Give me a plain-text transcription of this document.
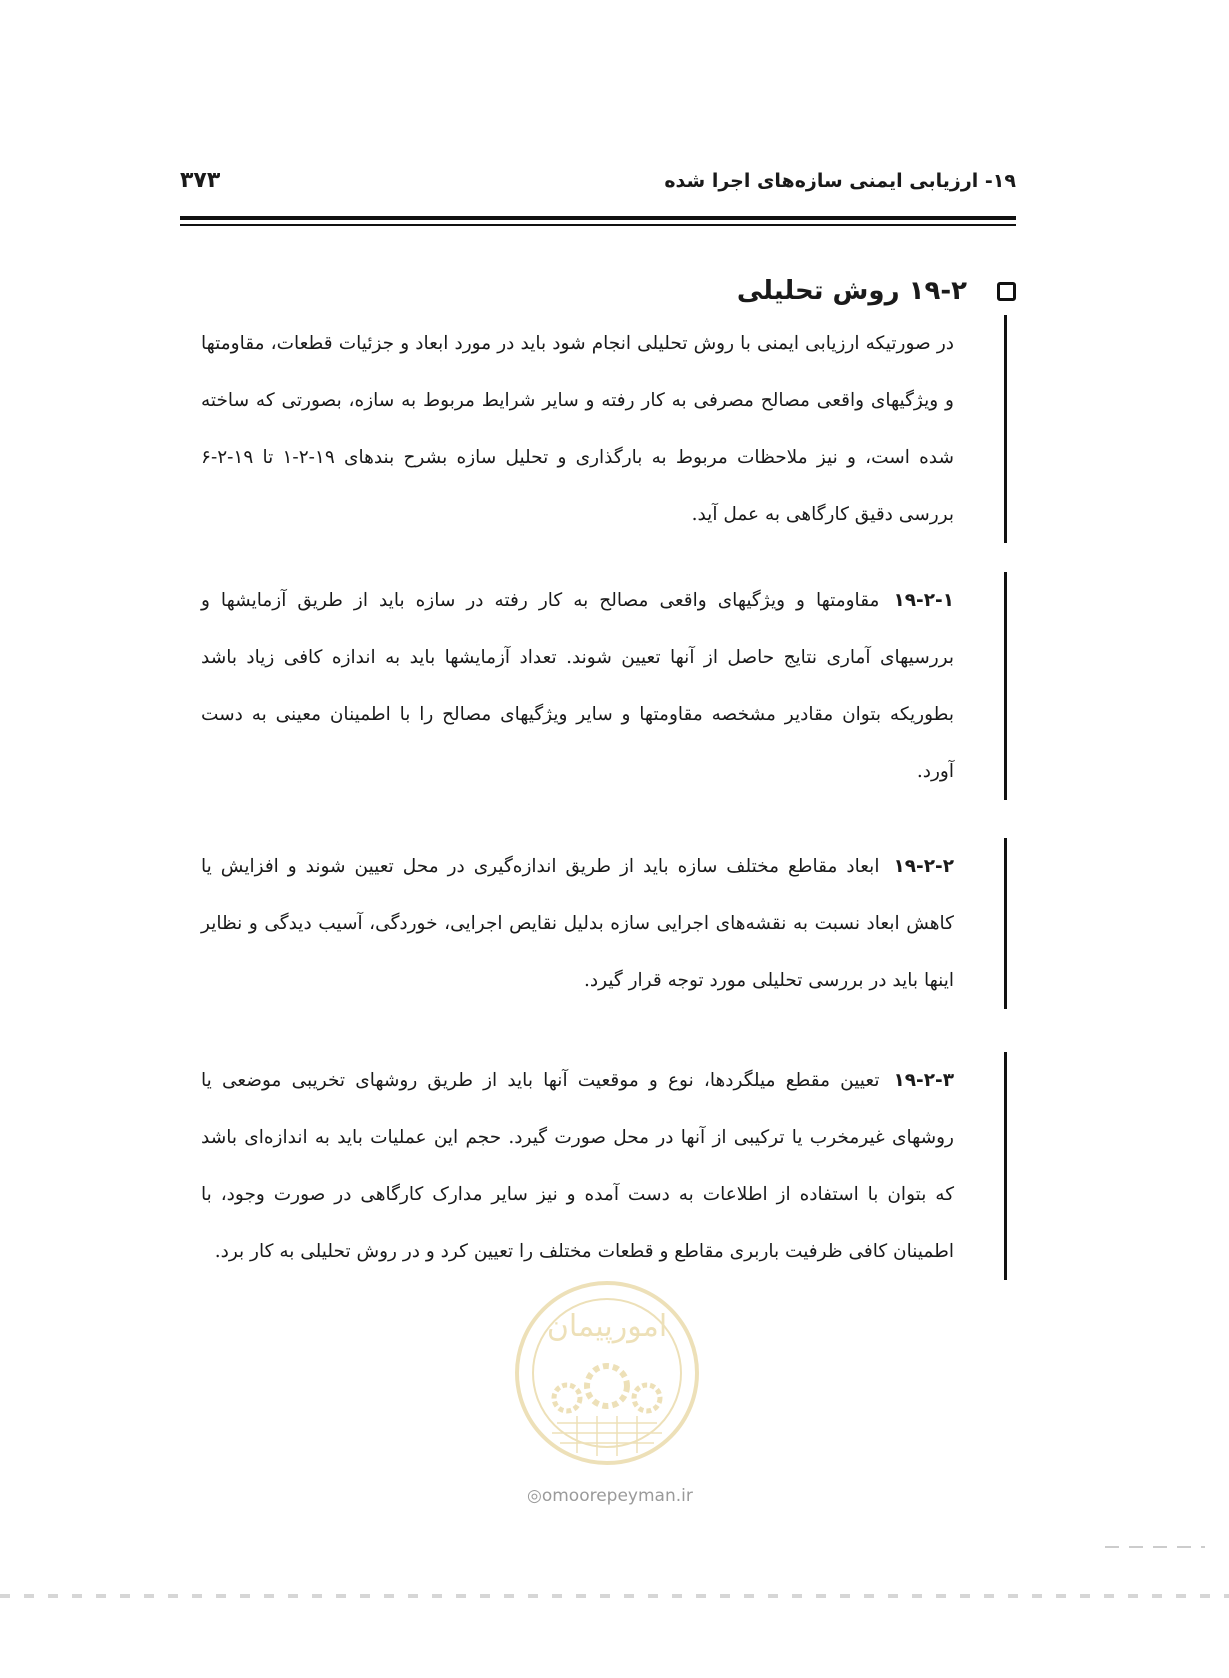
۱۹- ارزیابی ایمنی سازه‌های اجرا شده
۳۷۳
۱۹-۲ روش تحلیلی

در صورتیکه ارزیابی ایمنی با روش تحلیلی انجام شود باید در مورد ابعاد و جزئیات قطعات، مقاومتها و ویژگیهای واقعی مصالح مصرفی به کار رفته و سایر شرایط مربوط به سازه، بصورتی که ساخته شده است، و نیز ملاحظات مربوط به بارگذاری و تحلیل سازه بشرح بندهای ۱۹-۲-۱ تا ۱۹-۲-۶ بررسی دقیق کارگاهی به عمل آید.

۱۹-۲-۱مقاومتها و ویژگیهای واقعی مصالح به کار رفته در سازه باید از طریق آزمایشها و بررسیهای آماری نتایج حاصل از آنها تعیین شوند. تعداد آزمایشها باید به اندازه کافی زیاد باشد بطوریکه بتوان مقادیر مشخصه مقاومتها و سایر ویژگیهای مصالح را با اطمینان معینی به دست آورد.

۱۹-۲-۲ابعاد مقاطع مختلف سازه باید از طریق اندازه‌گیری در محل تعیین شوند و افزایش یا کاهش ابعاد نسبت به نقشه‌های اجرایی سازه بدلیل نقایص اجرایی، خوردگی، آسیب دیدگی و نظایر اینها باید در بررسی تحلیلی مورد توجه قرار گیرد.

۱۹-۲-۳تعیین مقطع میلگردها، نوع و موقعیت آنها باید از طریق روشهای تخریبی موضعی یا روشهای غیرمخرب یا ترکیبی از آنها در محل صورت گیرد. حجم این عملیات باید به اندازه‌ای باشد که بتوان با استفاده از اطلاعات به دست آمده و نیز سایر مدارک کارگاهی در صورت وجود، با اطمینان کافی ظرفیت باربری مقاطع و قطعات مختلف را تعیین کرد و در روش تحلیلی به کار برد.

امورپیمان
◎omoorepeyman.ir
